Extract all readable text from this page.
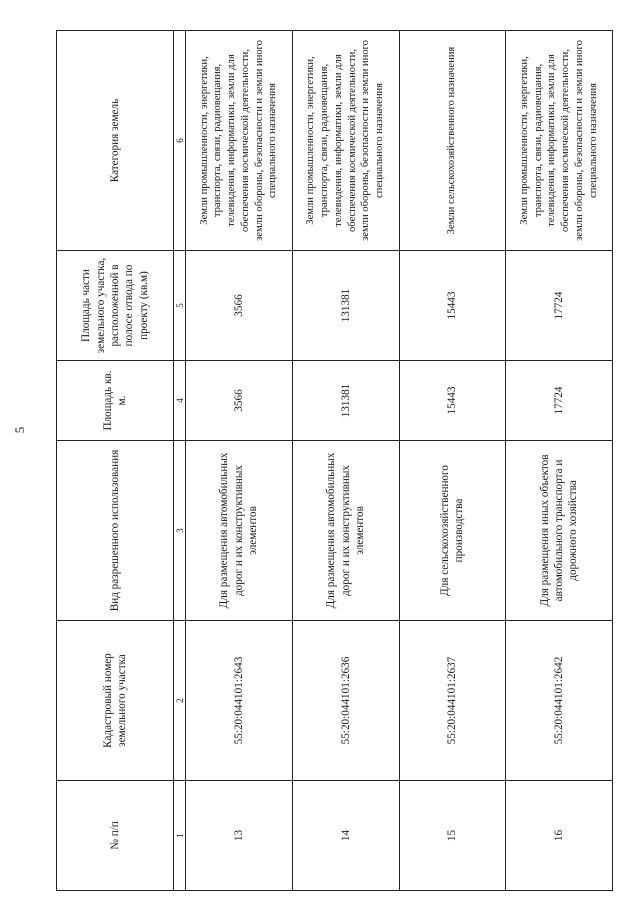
5
№ п/п	Кадастровый номер земельного участка	Вид разрешенного использования	Площадь кв. м.	Площадь части земельного участка, расположенной в полосе отвода по проекту (кв.м)	Категория земель
1	2	3	4	5	6
13	55:20:044101:2643	Для размещения автомобильных дорог и их конструктивных элементов	3566	3566	Земли промышленности, энергетики, транспорта, связи, радиовещания, телевидения, информатики, земли для обеспечения космической деятельности, земли обороны, безопасности и земли иного специального назначения
14	55:20:044101:2636	Для размещения автомобильных дорог и их конструктивных элементов	131381	131381	Земли промышленности, энергетики, транспорта, связи, радиовещания, телевидения, информатики, земли для обеспечения космической деятельности, земли обороны, безопасности и земли иного специального назначения
15	55:20:044101:2637	Для сельскохозяйственного производства	15443	15443	Земли сельскохозяйственного назначения
16	55:20:044101:2642	Для размещения иных объектов автомобильного транспорта и дорожного хозяйства	17724	17724	Земли промышленности, энергетики, транспорта, связи, радиовещания, телевидения, информатики, земли для обеспечения космической деятельности, земли обороны, безопасности и земли иного специального назначения
